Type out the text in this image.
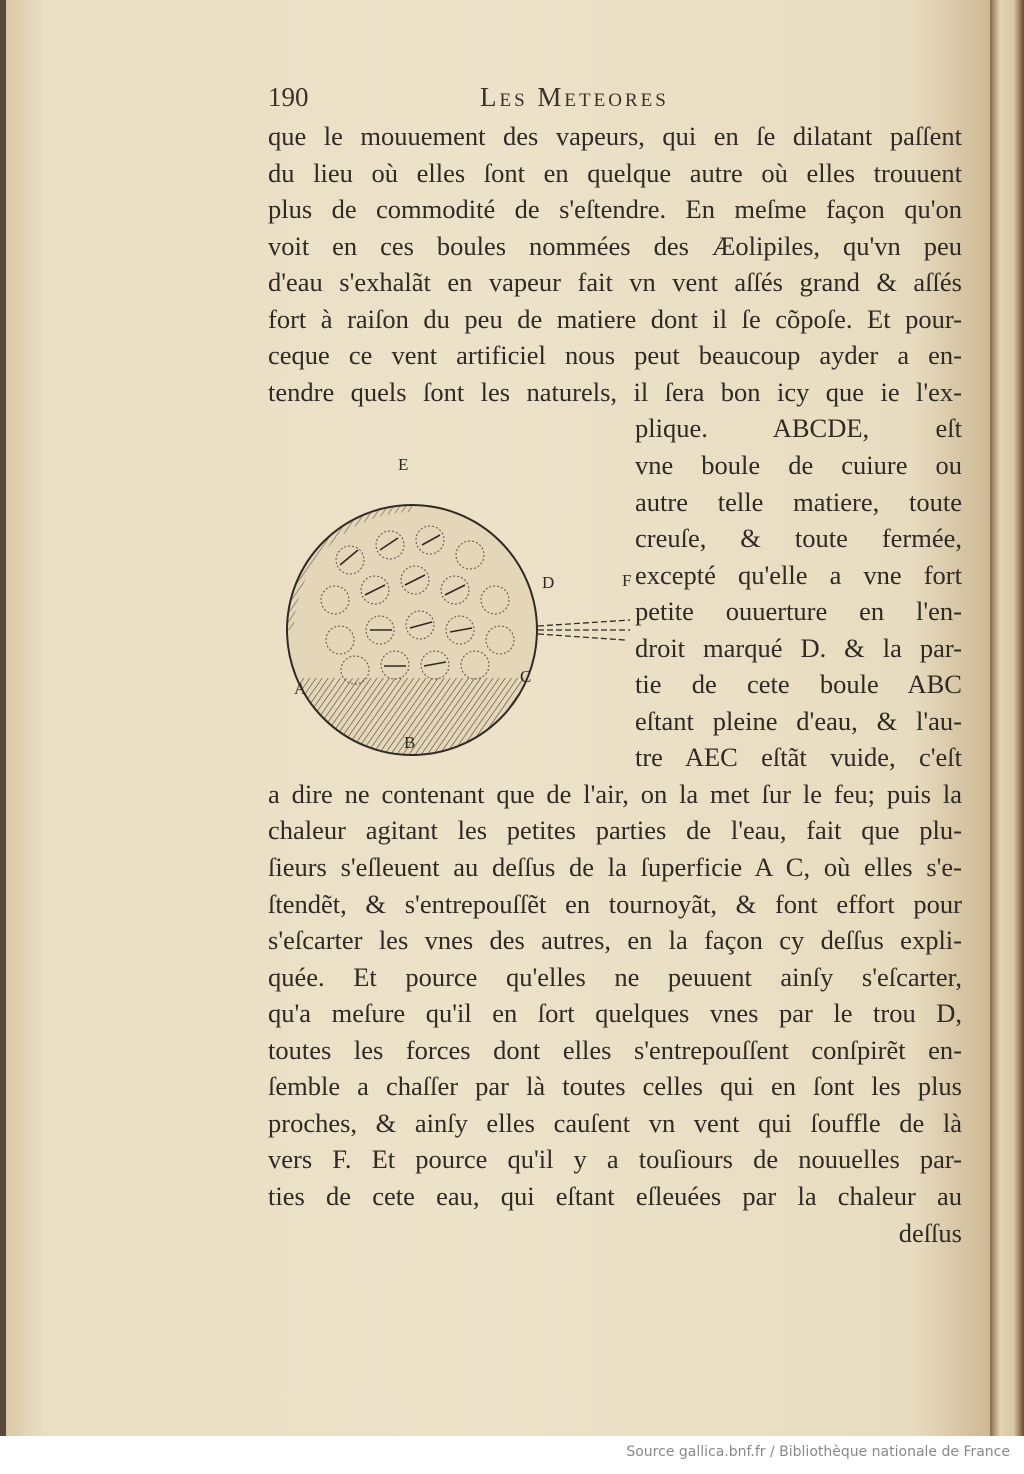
190	Les Meteores
que le mouuement des vapeurs, qui en ſe dilatant paſſent
du lieu où elles ſont en quelque autre où elles trouuent
plus de commodité de s'eſtendre. En meſme façon qu'on
voit en ces boules nommées des Æolipiles, qu'vn peu
d'eau s'exhalãt en vapeur fait vn vent aſſés grand & aſſés
fort à raiſon du peu de matiere dont il ſe cõpoſe. Et pour-
ceque ce vent artificiel nous peut beaucoup ayder a en-
tendre quels ſont les naturels, il ſera bon icy que ie l'ex-
plique. ABCDE, eſt
vne boule de cuiure ou
autre telle matiere, toute
creuſe, & toute fermée,
excepté qu'elle a vne fort
petite ouuerture en l'en-
droit marqué D. & la par-
tie de cete boule ABC
eſtant pleine d'eau, & l'au-
tre AEC eſtãt vuide, c'eſt
a dire ne contenant que de l'air, on la met ſur le feu; puis la
chaleur agitant les petites parties de l'eau, fait que plu-
ſieurs s'eſleuent au deſſus de la ſuperficie A C, où elles s'e-
ſtendẽt, & s'entrepouſſẽt en tournoyãt, & font effort pour
s'eſcarter les vnes des autres, en la façon cy deſſus expli-
quée. Et pource qu'elles ne peuuent ainſy s'eſcarter,
qu'a meſure qu'il en ſort quelques vnes par le trou D,
toutes les forces dont elles s'entrepouſſent conſpirẽt en-
ſemble a chaſſer par là toutes celles qui en ſont les plus
proches, & ainſy elles cauſent vn vent qui ſouffle de là
vers F. Et pource qu'il y a touſiours de nouuelles par-
ties de cete eau, qui eſtant eſleuées par la chaleur au
deſſus
E
D	F
A
C
B
Source gallica.bnf.fr / Bibliothèque nationale de France
